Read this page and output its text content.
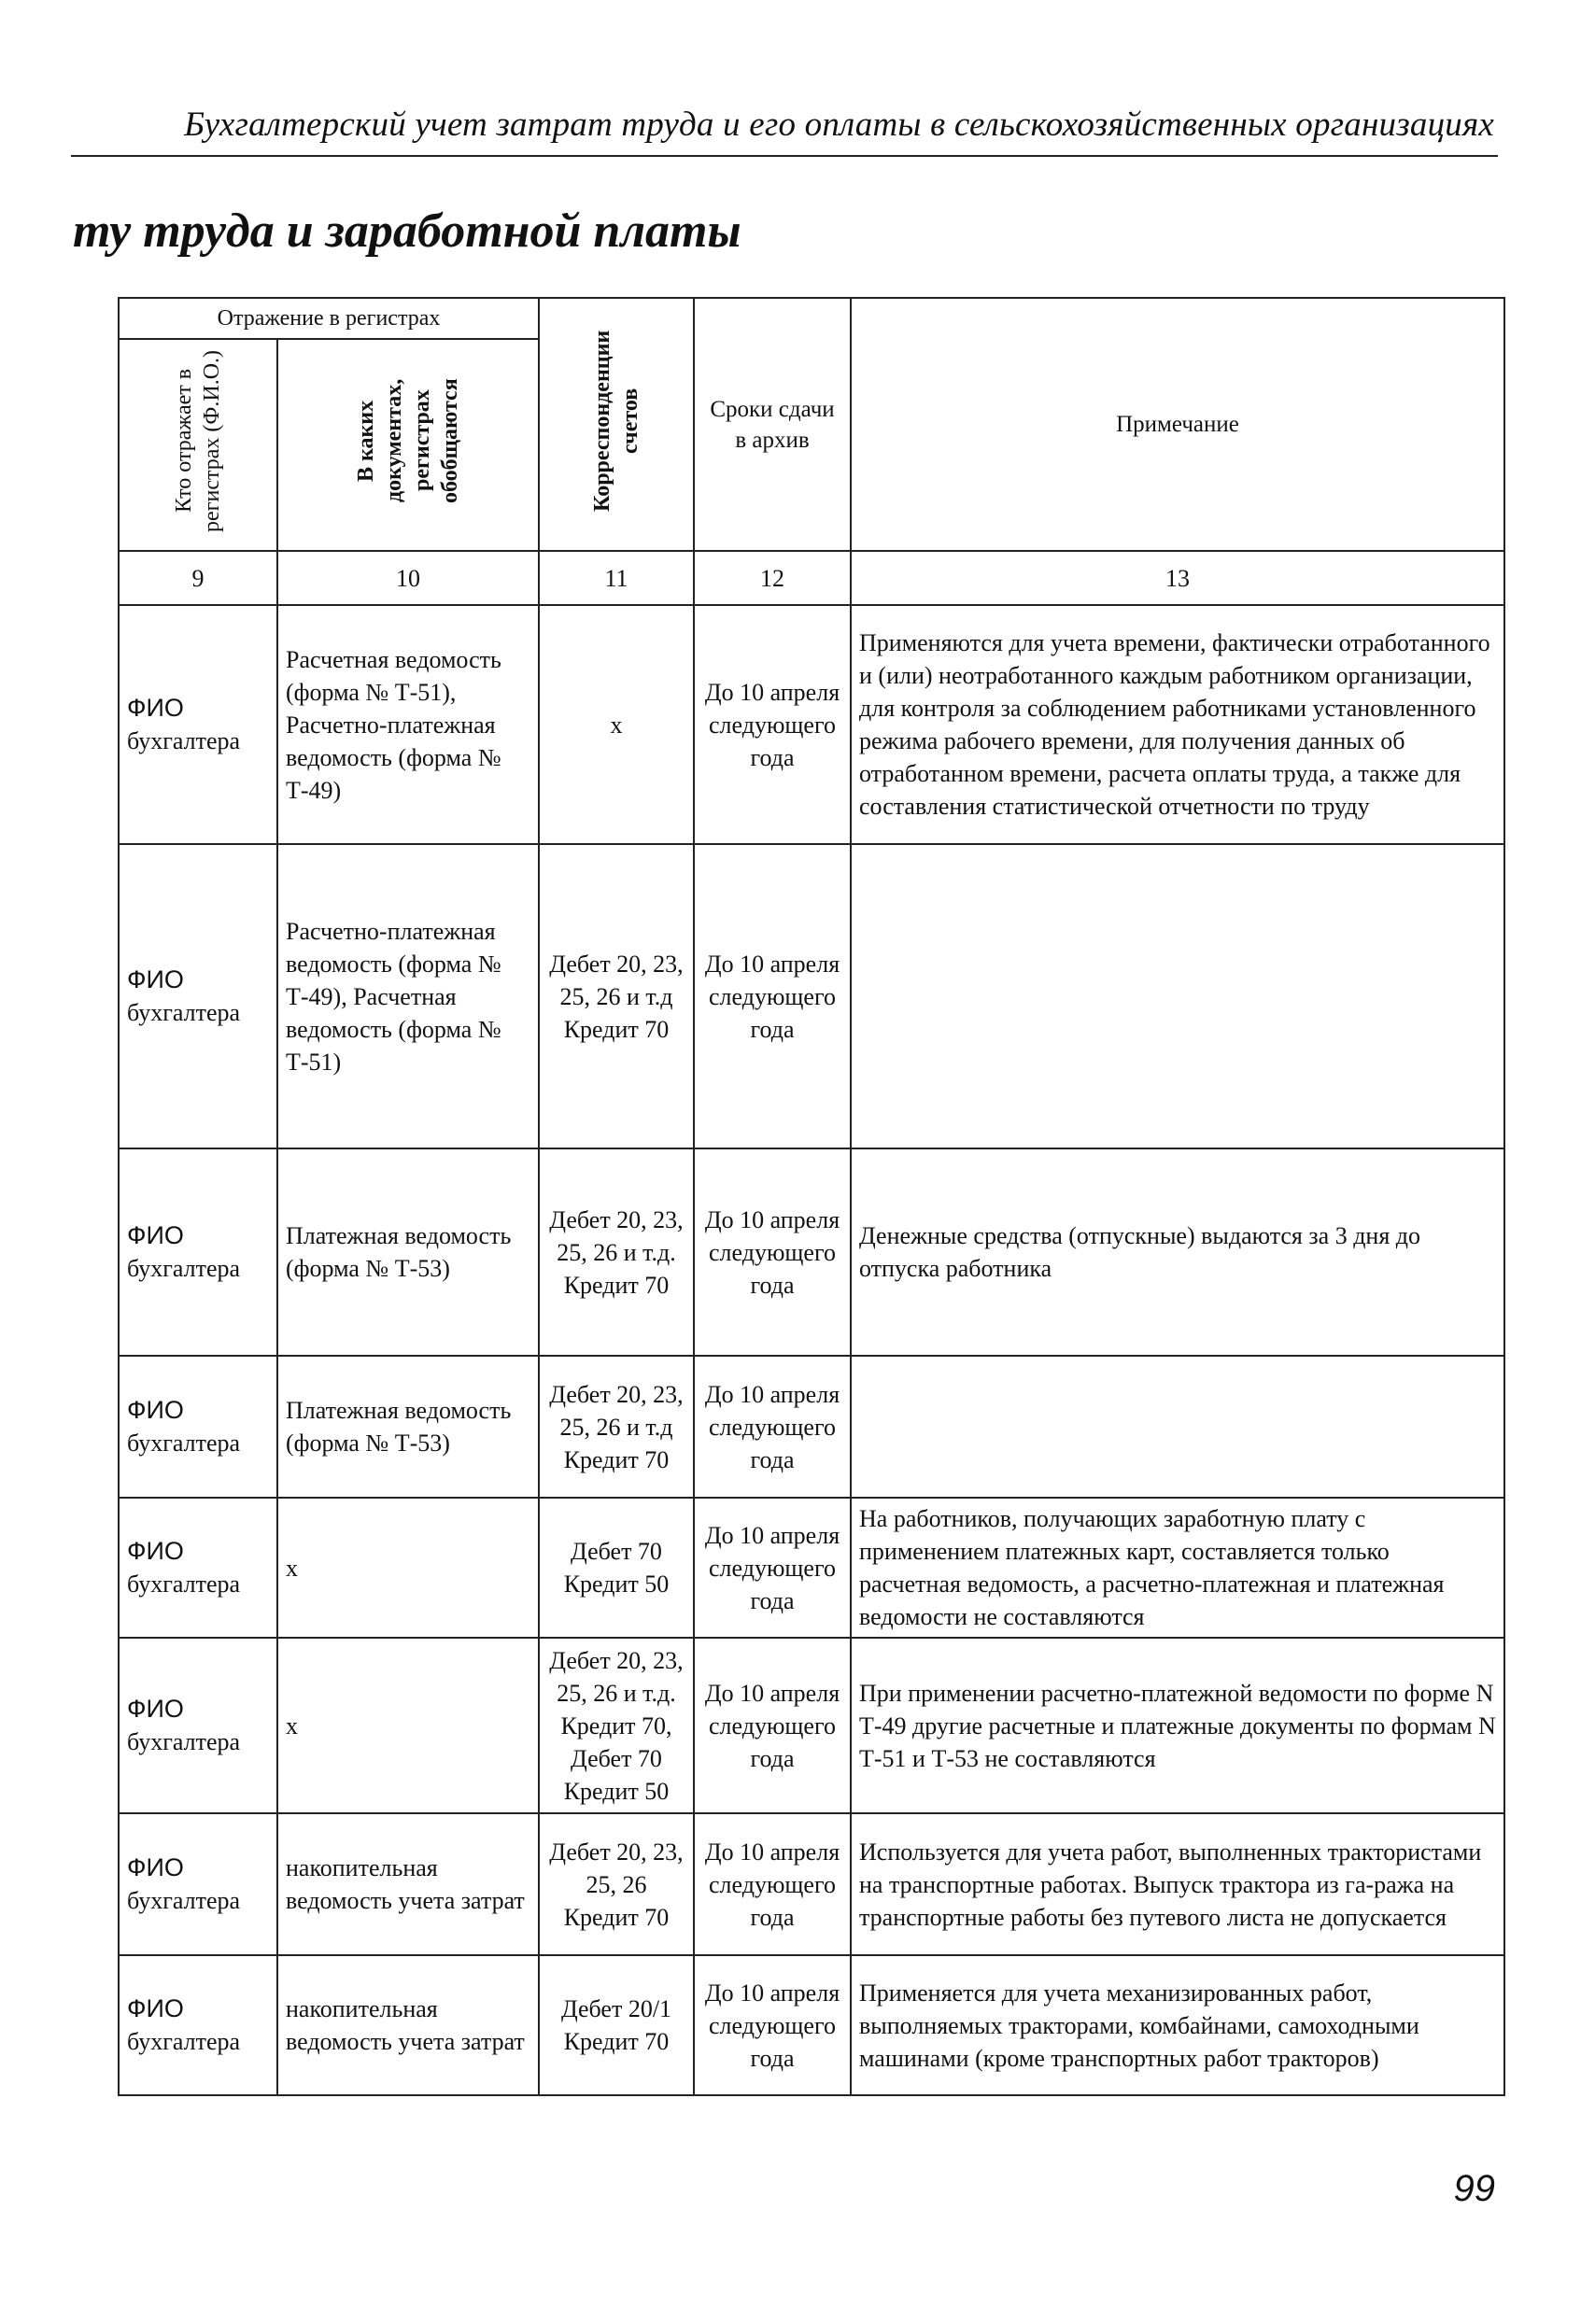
Бухгалтерский учет затрат труда и его оплаты в сельскохозяйственных организациях
ту труда и заработной платы
Отражение в регистрах		Корреспонденции счетов	Сроки сдачи в архив	Примечание
Кто отражает в регистрах (Ф.И.О.)	В каких документах, регистрах обобщаются			
9	10	11	12	13

ФИО
бухгалтера	Расчетная ведомость (форма № Т-51), Расчетно-платежная ведомость (форма № Т-49)	х	До 10 апреля следующего года	Применяются для учета времени, фактически отработанного и (или) неотработанного каждым работником организации, для контроля за соблюдением работниками установленного режима рабочего времени, для получения данных об отработанном времени, расчета оплаты труда, а также для составления статистической отчетности по труду

ФИО
бухгалтера	Расчетно-платежная ведомость (форма № Т-49), Расчетная ведомость (форма № Т-51)	Дебет 20, 23, 25, 26 и т.д Кредит 70	До 10 апреля следующего года	

ФИО
бухгалтера	Платежная ведомость (форма № Т-53)	Дебет 20, 23, 25, 26 и т.д. Кредит 70	До 10 апреля следующего года	Денежные средства (отпускные) выдаются за 3 дня до отпуска работника

ФИО
бухгалтера	Платежная ведомость (форма № Т-53)	Дебет 20, 23, 25, 26 и т.д Кредит 70	До 10 апреля следующего года	

ФИО
бухгалтера	х	Дебет 70 Кредит 50	До 10 апреля следующего года	На работников, получающих заработную плату с применением платежных карт, составляется только расчетная ведомость, а расчетно-платежная и платежная ведомости не составляются

ФИО
бухгалтера	х	Дебет 20, 23, 25, 26 и т.д. Кредит 70, Дебет 70 Кредит 50	До 10 апреля следующего года	При применении расчетно-платежной ведомости по форме N Т-49 другие расчетные и платежные документы по формам N Т-51 и Т-53 не составляются

ФИО
бухгалтера	накопительная ведомость учета затрат	Дебет 20, 23, 25, 26 Кредит 70	До 10 апреля следующего года	Используется для учета работ, выполненных трактористами на транспортные работах. Выпуск трактора из га-ража на транспортные работы без путевого листа не допускается

ФИО
бухгалтера	накопительная ведомость учета затрат	Дебет 20/1 Кредит 70	До 10 апреля следующего года	Применяется для учета механизированных работ, выполняемых тракторами, комбайнами, самоходными машинами (кроме транспортных работ тракторов)
99
